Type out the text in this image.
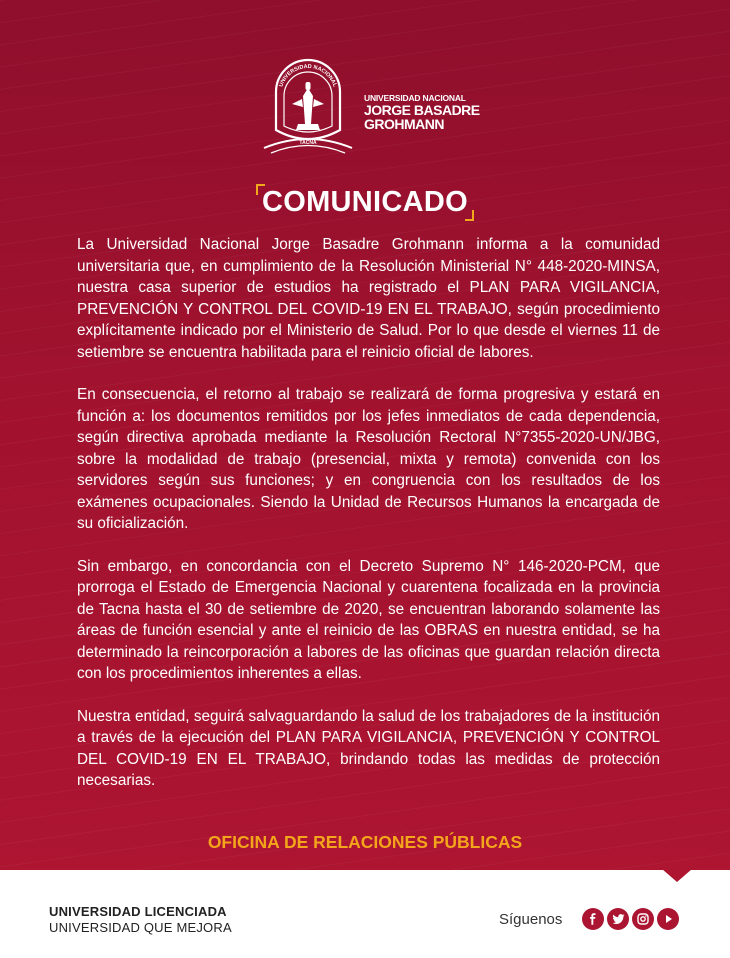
UNIVERSIDAD NACIONAL
TACNA
UNIVERSIDAD NACIONAL
JORGE BASADRE
GROHMANN
COMUNICADO

La Universidad Nacional Jorge Basadre Grohmann informa a la comunidad universitaria que, en cumplimiento de la Resolución Ministerial N° 448-2020-MINSA, nuestra casa superior de estudios ha registrado el PLAN PARA VIGILANCIA, PREVENCIÓN Y CONTROL DEL COVID-19 EN EL TRABAJO, según procedimiento explícitamente indicado por el Ministerio de Salud. Por lo que desde el viernes 11 de setiembre se encuentra habilitada para el reinicio oficial de labores.

En consecuencia, el retorno al trabajo se realizará de forma progresiva y estará en función a: los documentos remitidos por los jefes inmediatos de cada dependencia, según directiva aprobada mediante la Resolución Rectoral N°7355-2020-UN/JBG, sobre la modalidad de trabajo (presencial, mixta y remota) convenida con los servidores según sus funciones; y en congruencia con los resultados de los exámenes ocupacionales. Siendo la Unidad de Recursos Humanos la encargada de su oficialización.

Sin embargo, en concordancia con el Decreto Supremo N° 146-2020-PCM, que prorroga el Estado de Emergencia Nacional y cuarentena focalizada en la provincia de Tacna hasta el 30 de setiembre de 2020, se encuentran laborando solamente las áreas de función esencial y ante el reinicio de las OBRAS en nuestra entidad, se ha determinado la reincorporación a labores de las oficinas que guardan relación directa con los procedimientos inherentes a ellas.

Nuestra entidad, seguirá salvaguardando la salud de los trabajadores de la institución a través de la ejecución del PLAN PARA VIGILANCIA, PREVENCIÓN Y CONTROL DEL COVID-19 EN EL TRABAJO, brindando todas las medidas de protección necesarias.

OFICINA DE RELACIONES PÚBLICAS
UNIVERSIDAD LICENCIADA
UNIVERSIDAD QUE MEJORA	Síguenos
